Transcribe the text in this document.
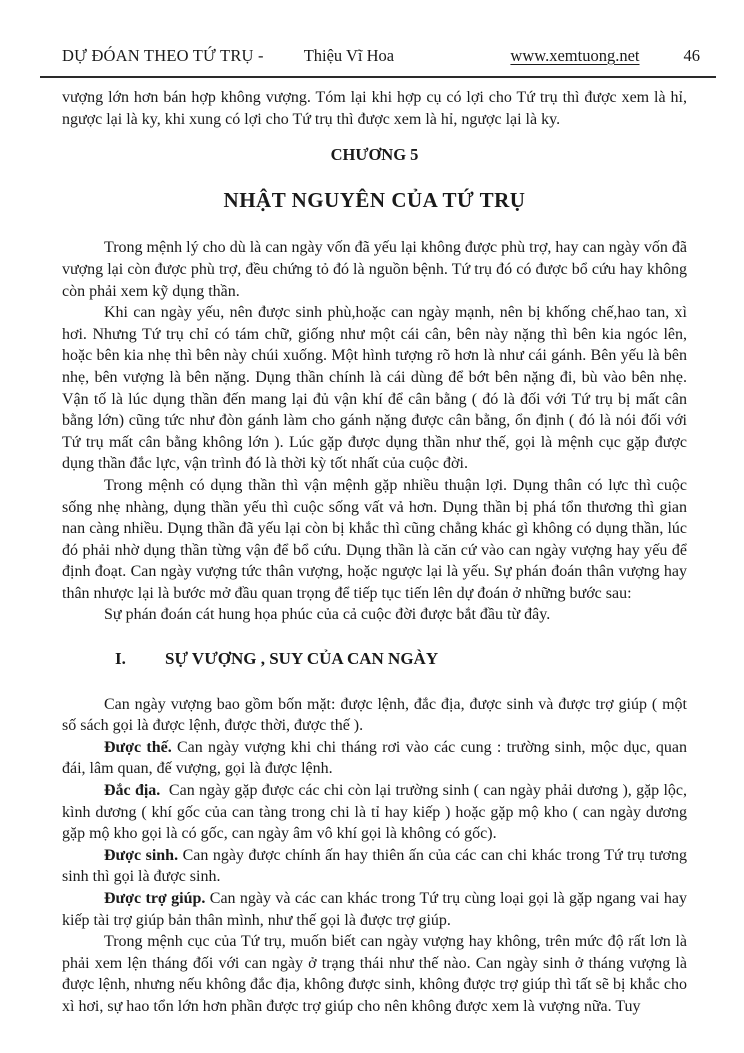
DỰ ĐÓAN THEO TỨ TRỤ - Thiệu Vĩ Hoa	www.xemtuong.net	46

vượng lớn hơn bán hợp không vượng. Tóm lại khi hợp cụ có lợi cho Tứ trụ thì được xem là hỉ, ngược lại là ky, khi xung có lợi cho Tứ trụ thì được xem là hỉ, ngược lại là ky.

CHƯƠNG 5
NHẬT NGUYÊN CỦA TỨ TRỤ

Trong mệnh lý cho dù là can ngày vốn đã yếu lại không được phù trợ, hay can ngày vốn đã vượng lại còn được phù trợ, đều chứng tỏ đó là nguồn bệnh. Tứ trụ đó có được bổ cứu hay không còn phải xem kỹ dụng thần.

Khi can ngày yếu, nên được sinh phù,hoặc can ngày mạnh, nên bị khống chế,hao tan, xì hơi. Nhưng Tứ trụ chỉ có tám chữ, giống như một cái cân, bên này nặng thì bên kia ngóc lên, hoặc bên kia nhẹ thì bên này chúi xuống. Một hình tượng rõ hơn là như cái gánh. Bên yếu là bên nhẹ, bên vượng là bên nặng. Dụng thần chính là cái dùng để bớt bên nặng đi, bù vào bên nhẹ. Vận tố là lúc dụng thần đến mang lại đủ vận khí để cân bằng ( đó là đối với Tứ trụ bị mất cân bằng lớn) cũng tức như đòn gánh làm cho gánh nặng được cân bằng, ổn định ( đó là nói đối với Tứ trụ mất cân bằng không lớn ). Lúc gặp được dụng thần như thế, gọi là mệnh cục gặp được dụng thần đắc lực, vận trình đó là thời kỳ tốt nhất của cuộc đời.

Trong mệnh có dụng thần thì vận mệnh gặp nhiều thuận lợi. Dụng thân có lực thì cuộc sống nhẹ nhàng, dụng thần yếu thì cuộc sống vất vả hơn. Dụng thần bị phá tổn thương thì gian nan càng nhiều. Dụng thần đã yếu lại còn bị khắc thì cũng chẳng khác gì không có dụng thần, lúc đó phải nhờ dụng thần từng vận để bổ cứu. Dụng thần là căn cứ vào can ngày vượng hay yếu để định đoạt. Can ngày vượng tức thân vượng, hoặc ngược lại là yếu. Sự phán đoán thân vượng hay thân nhược lại là bước mở đầu quan trọng để tiếp tục tiến lên dự đoán ở những bước sau:

Sự phán đoán cát hung họa phúc của cả cuộc đời được bắt đầu từ đây.

I.	SỰ VƯỢNG , SUY CỦA CAN NGÀY

Can ngày vượng bao gồm bốn mặt: được lệnh, đắc địa, được sinh và được trợ giúp ( một số sách gọi là được lệnh, được thời, được thế ).

Được thế. Can ngày vượng khi chi tháng rơi vào các cung : trường sinh, mộc dục, quan đái, lâm quan, đế vượng, gọi là được lệnh.

Đắc địa. Can ngày gặp được các chi còn lại trường sinh ( can ngày phải dương ), gặp lộc, kình dương ( khí gốc của can tàng trong chi là tỉ hay kiếp ) hoặc gặp mộ kho ( can ngày dương gặp mộ kho gọi là có gốc, can ngày âm vô khí gọi là không có gốc).

Được sinh. Can ngày được chính ấn hay thiên ấn của các can chi khác trong Tứ trụ tương sinh thì gọi là được sinh.

Được trợ giúp. Can ngày và các can khác trong Tứ trụ cùng loại gọi là gặp ngang vai hay kiếp tài trợ giúp bản thân mình, như thế gọi là được trợ giúp.

Trong mệnh cục của Tứ trụ, muốn biết can ngày vượng hay không, trên mức độ rất lơn là phải xem lện tháng đối với can ngày ở trạng thái như thế nào. Can ngày sinh ở tháng vượng là được lệnh, nhưng nếu không đắc địa, không được sinh, không được trợ giúp thì tất sẽ bị khắc cho xì hơi, sự hao tổn lớn hơn phần được trợ giúp cho nên không được xem là vượng nữa. Tuy
